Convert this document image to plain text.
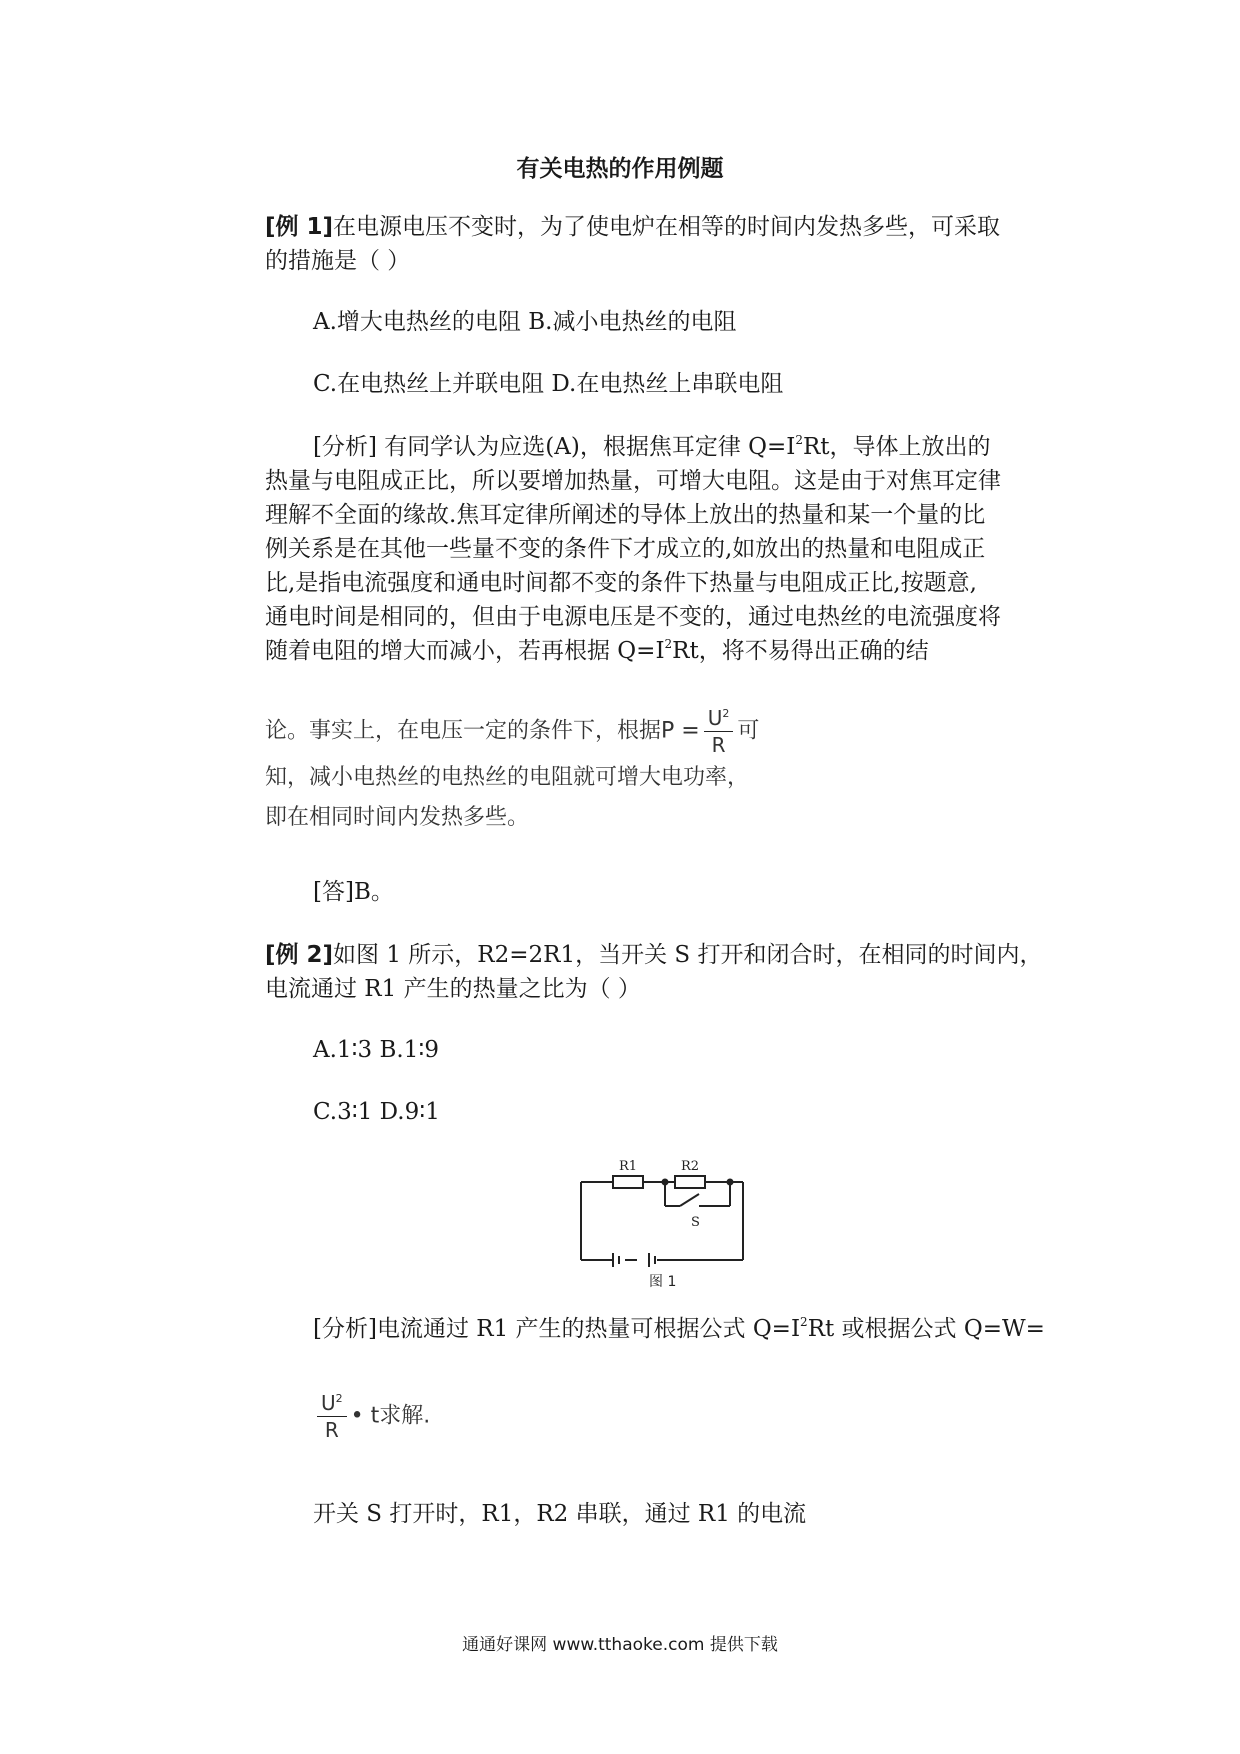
有关电热的作用例题
[例 1]在电源电压不变时，为了使电炉在相等的时间内发热多些，可采取
的措施是（ ）
A.增大电热丝的电阻 B.减小电热丝的电阻
C.在电热丝上并联电阻 D.在电热丝上串联电阻
[分析] 有同学认为应选(A)，根据焦耳定律 $Q=I^2Rt$，导体上放出的
热量与电阻成正比，所以要增加热量，可增大电阻。这是由于对焦耳定律
理解不全面的缘故.焦耳定律所阐述的导体上放出的热量和某一个量的比
例关系是在其他一些量不变的条件下才成立的,如放出的热量和电阻成正
比,是指电流强度和通电时间都不变的条件下热量与电阻成正比,按题意,
通电时间是相同的，但由于电源电压是不变的，通过电热丝的电流强度将
随着电阻的增大而减小，若再根据 $Q=I^2Rt$，将不易得出正确的结
论。事实上，在电压一定的条件下，根据$P = \frac{U^2}{R}$ 可
知，减小电热丝的电热丝的电阻就可增大电功率，
即在相同时间内发热多些。
[答]B。
[例 2]如图 1 所示，R2=2R1，当开关 S 打开和闭合时，在相同的时间内，
电流通过 R1 产生的热量之比为（ ）
A.1∶3 B.1∶9
C.3∶1 D.9∶1
R1	R2
S
图 1
[分析]电流通过 R1 产生的热量可根据公式 $Q=I^2Rt$ 或根据公式 Q=W=
$\frac{U^2}{R}$ • t求解.
开关 S 打开时，R1，R2 串联，通过 R1 的电流
通通好课网 www.tthaoke.com 提供下载
